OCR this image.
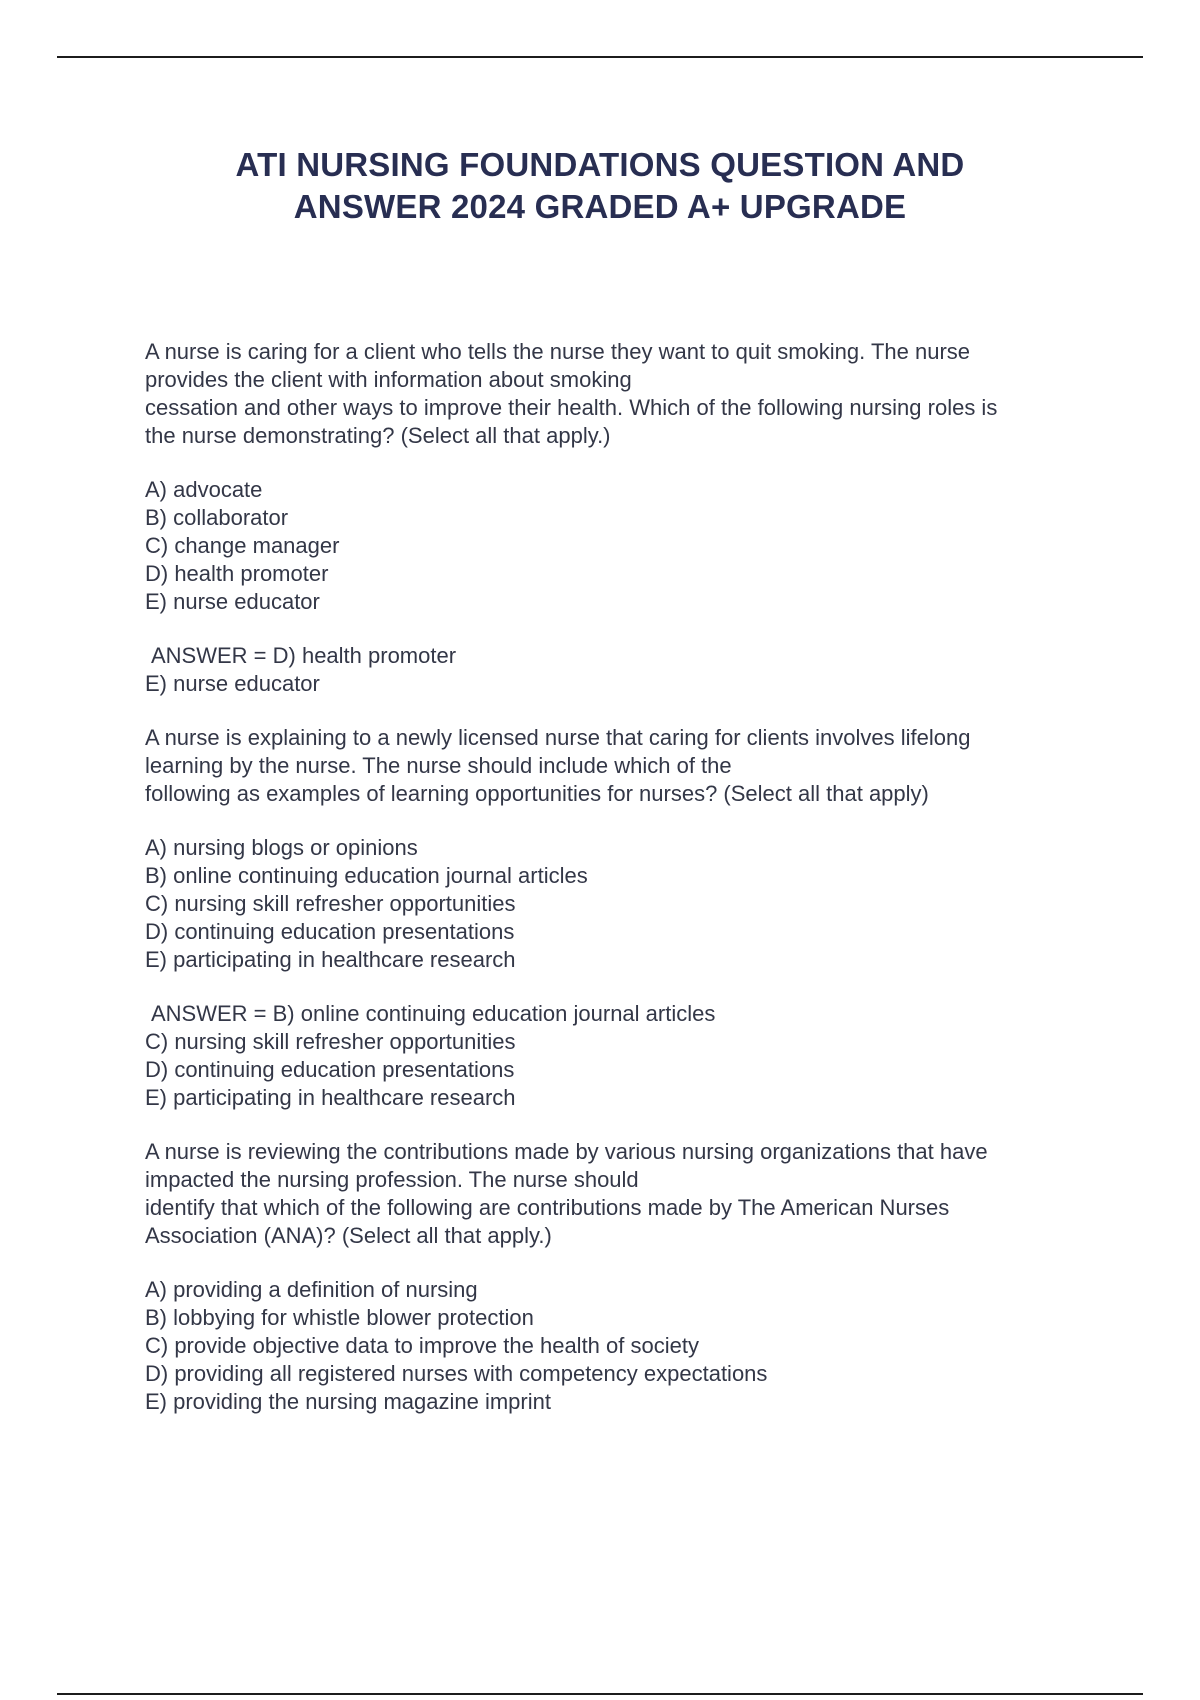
ATI NURSING FOUNDATIONS QUESTION AND
ANSWER 2024 GRADED A+ UPGRADE
A nurse is caring for a client who tells the nurse they want to quit smoking. The nurse
provides the client with information about smoking
cessation and other ways to improve their health. Which of the following nursing roles is
the nurse demonstrating? (Select all that apply.)
A) advocate
B) collaborator
C) change manager
D) health promoter
E) nurse educator
ANSWER = D) health promoter
E) nurse educator
A nurse is explaining to a newly licensed nurse that caring for clients involves lifelong
learning by the nurse. The nurse should include which of the
following as examples of learning opportunities for nurses? (Select all that apply)
A) nursing blogs or opinions
B) online continuing education journal articles
C) nursing skill refresher opportunities
D) continuing education presentations
E) participating in healthcare research
ANSWER = B) online continuing education journal articles
C) nursing skill refresher opportunities
D) continuing education presentations
E) participating in healthcare research
A nurse is reviewing the contributions made by various nursing organizations that have
impacted the nursing profession. The nurse should
identify that which of the following are contributions made by The American Nurses
Association (ANA)? (Select all that apply.)
A) providing a definition of nursing
B) lobbying for whistle blower protection
C) provide objective data to improve the health of society
D) providing all registered nurses with competency expectations
E) providing the nursing magazine imprint
